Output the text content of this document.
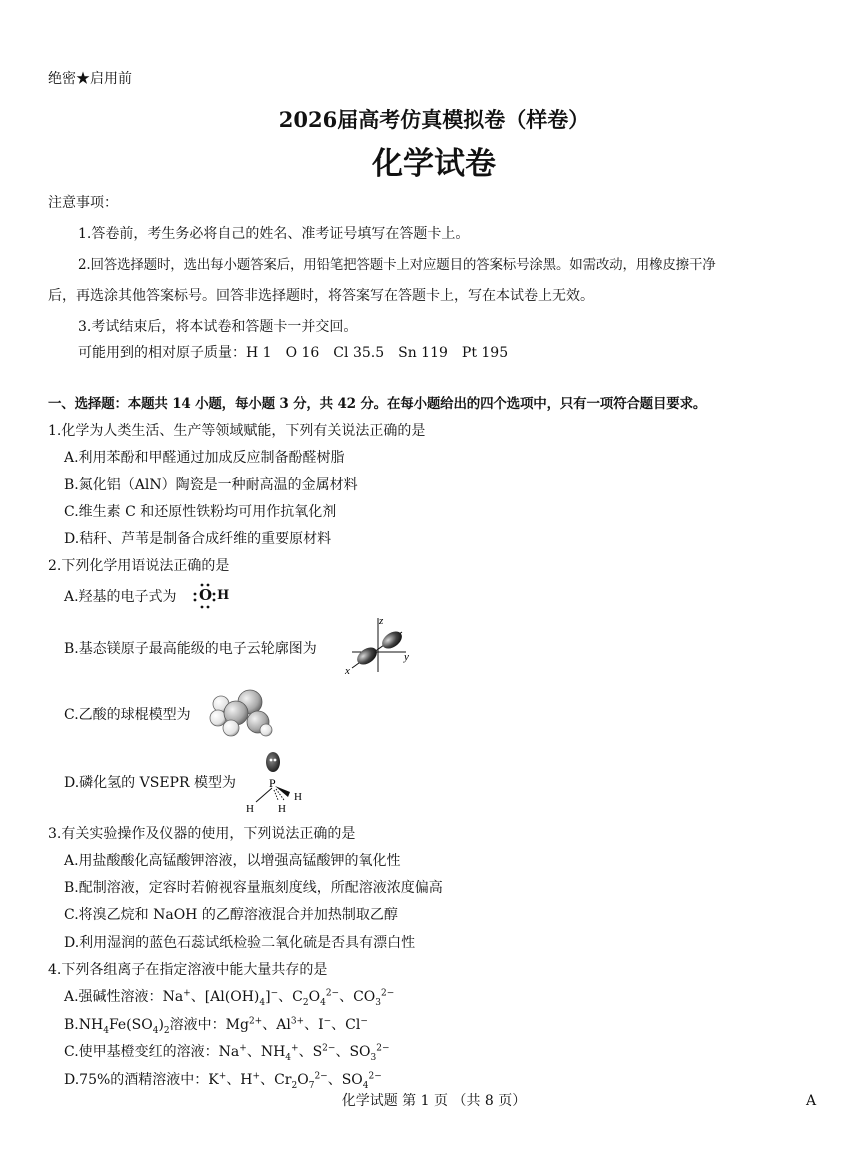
绝密★启用前
2026届高考仿真模拟卷（样卷）
化学试卷
注意事项：
1.答卷前，考生务必将自己的姓名、准考证号填写在答题卡上。
2.回答选择题时，选出每小题答案后，用铅笔把答题卡上对应题目的答案标号涂黑。如需改动，用橡皮擦干净
后，再选涂其他答案标号。回答非选择题时，将答案写在答题卡上，写在本试卷上无效。
3.考试结束后，将本试卷和答题卡一并交回。
可能用到的相对原子质量：H 1　O 16　Cl 35.5　Sn 119　Pt 195
一、选择题：本题共 14 小题，每小题 3 分，共 42 分。在每小题给出的四个选项中，只有一项符合题目要求。
1.化学为人类生活、生产等领域赋能，下列有关说法正确的是
A.利用苯酚和甲醛通过加成反应制备酚醛树脂
B.氮化铝（AlN）陶瓷是一种耐高温的金属材料
C.维生素 C 和还原性铁粉均可用作抗氧化剂
D.秸秆、芦苇是制备合成纤维的重要原材料
2.下列化学用语说法正确的是
A.羟基的电子式为 O H
B.基态镁原子最高能级的电子云轮廓图为
z
y
x
C.乙酸的球棍模型为
D.磷化氢的 VSEPR 模型为	P
H H
H
3.有关实验操作及仪器的使用，下列说法正确的是
A.用盐酸酸化高锰酸钾溶液，以增强高锰酸钾的氧化性
B.配制溶液，定容时若俯视容量瓶刻度线，所配溶液浓度偏高
C.将溴乙烷和 NaOH 的乙醇溶液混合并加热制取乙醇
D.利用湿润的蓝色石蕊试纸检验二氧化硫是否具有漂白性
4.下列各组离子在指定溶液中能大量共存的是
A.强碱性溶液：Na+、$[Al(OH)_4]^-$、$C_2O_4^{2-}$、$CO_3^{2-}$
$B.NH_4Fe(SO_4)_2$溶液中：$Mg^{2+}$、$Al^{3+}$、I−、Cl−
C.使甲基橙变红的溶液：Na+、$NH_4^+$、$S^{2-}$、$SO_3^{2-}$
D.75%的酒精溶液中：K+、H+、$Cr_2O_7^{2-}$、$SO_4^{2-}$
化学试题 第 1 页 （共 8 页）	A
